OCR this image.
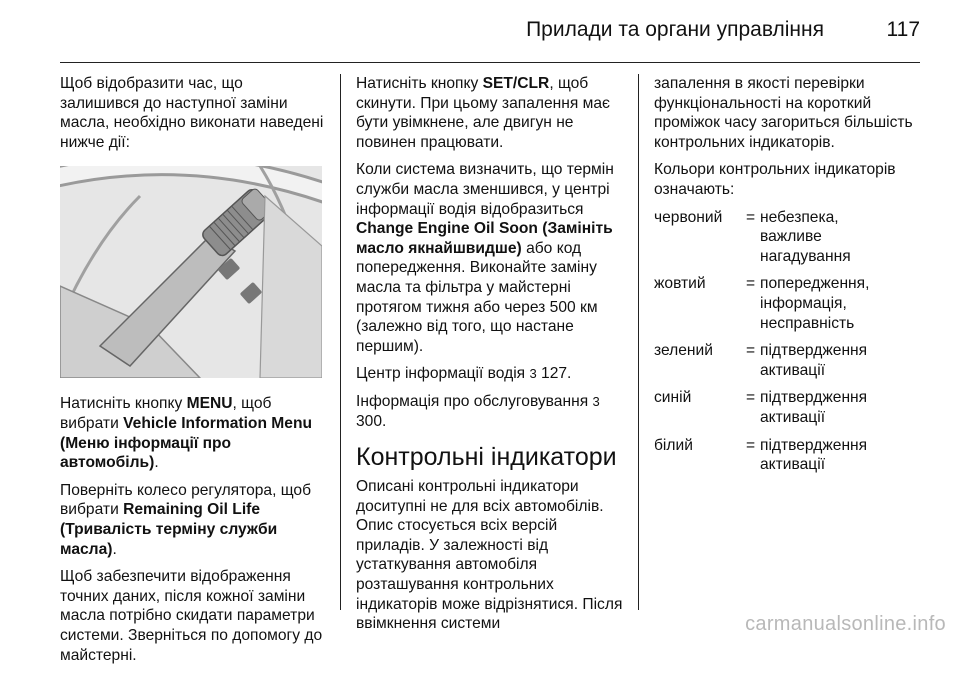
Прилади та органи управління	117

Щоб відобразити час, що залишився до наступної заміни масла, необхідно виконати наведені нижче дії:

Натисніть кнопку MENU, щоб вибрати Vehicle Information Menu (Меню інформації про автомобіль).

Поверніть колесо регулятора, щоб вибрати Remaining Oil Life (Тривалість терміну служби масла).

Щоб забезпечити відображення точних даних, після кожної заміни масла потрібно скидати параметри системи. Зверніться по допомогу до майстерні.

Натисніть кнопку SET/CLR, щоб скинути. При цьому запалення має бути увімкнене, але двигун не повинен працювати.

Коли система визначить, що термін служби масла зменшився, у центрі інформації водія відобразиться Change Engine Oil Soon (Замініть масло якнайшвидше) або код попередження. Виконайте заміну масла та фільтра у майстерні протягом тижня або через 500 км (залежно від того, що настане першим).

Центр інформації водія 3 127.

Інформація про обслуговування 3 300.

Контрольні індикатори

Описані контрольні індикатори доситупні не для всіх автомобілів. Опис стосується всіх версій приладів. У залежності від устаткування автомобіля розташування контрольних індикаторів може відрізнятися. Після ввімкнення системи

запалення в якості перевірки функціональності на короткий проміжок часу загориться більшість контрольних індикаторів.

Кольори контрольних індикаторів означають:

червоний	= небезпека, важливе нагадування
жовтий	= попередження, інформація, несправність
зелений	= підтвердження активації
синій	= підтвердження активації
білий	= підтвердження активації
carmanualsonline.info
